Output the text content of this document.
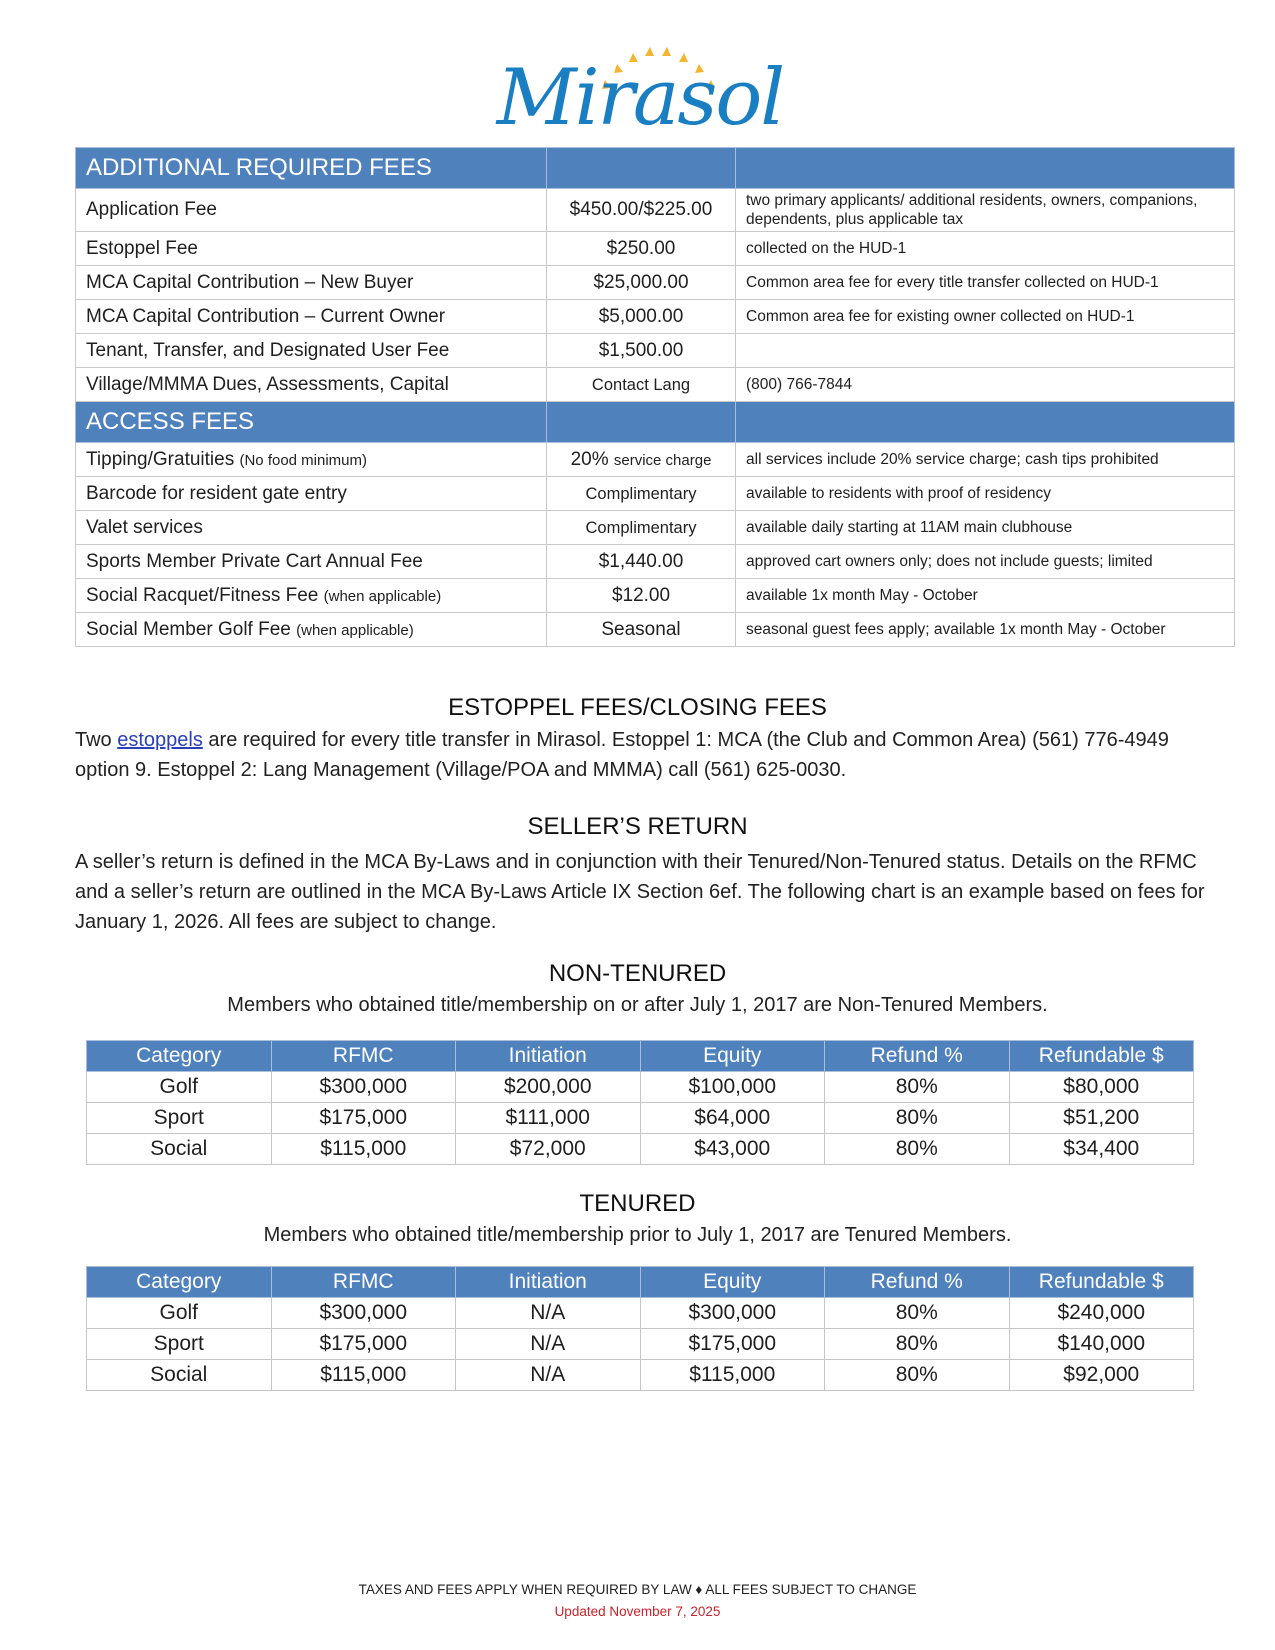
Mirasol
ADDITIONAL REQUIRED FEES		
Application Fee	$450.00/$225.00	two primary applicants/ additional residents, owners, companions, dependents, plus applicable tax
Estoppel Fee	$250.00	collected on the HUD-1
MCA Capital Contribution – New Buyer	$25,000.00	Common area fee for every title transfer collected on HUD-1
MCA Capital Contribution – Current Owner	$5,000.00	Common area fee for existing owner collected on HUD-1
Tenant, Transfer, and Designated User Fee	$1,500.00	
Village/MMMA Dues, Assessments, Capital	Contact Lang	(800) 766-7844
ACCESS FEES		
Tipping/Gratuities (No food minimum)	20% service charge	all services include 20% service charge; cash tips prohibited
Barcode for resident gate entry	Complimentary	available to residents with proof of residency
Valet services	Complimentary	available daily starting at 11AM main clubhouse
Sports Member Private Cart Annual Fee	$1,440.00	approved cart owners only; does not include guests; limited
Social Racquet/Fitness Fee (when applicable)	$12.00	available 1x month May - October
Social Member Golf Fee (when applicable)	Seasonal	seasonal guest fees apply; available 1x month May - October
ESTOPPEL FEES/CLOSING FEES
Two estoppels are required for every title transfer in Mirasol. Estoppel 1: MCA (the Club and Common Area) (561) 776-4949 option 9. Estoppel 2: Lang Management (Village/POA and MMMA) call (561) 625-0030.
SELLER’S RETURN
A seller’s return is defined in the MCA By-Laws and in conjunction with their Tenured/Non-Tenured status. Details on the RFMC and a seller’s return are outlined in the MCA By-Laws Article IX Section 6ef. The following chart is an example based on fees for January 1, 2026. All fees are subject to change.
NON-TENURED
Members who obtained title/membership on or after July 1, 2017 are Non-Tenured Members.
Category	RFMC	Initiation	Equity	Refund %	Refundable $
Golf	$300,000	$200,000	$100,000	80%	$80,000
Sport	$175,000	$111,000	$64,000	80%	$51,200
Social	$115,000	$72,000	$43,000	80%	$34,400
TENURED
Members who obtained title/membership prior to July 1, 2017 are Tenured Members.
Category	RFMC	Initiation	Equity	Refund %	Refundable $
Golf	$300,000	N/A	$300,000	80%	$240,000
Sport	$175,000	N/A	$175,000	80%	$140,000
Social	$115,000	N/A	$115,000	80%	$92,000
TAXES AND FEES APPLY WHEN REQUIRED BY LAW ♦ ALL FEES SUBJECT TO CHANGE
Updated November 7, 2025
